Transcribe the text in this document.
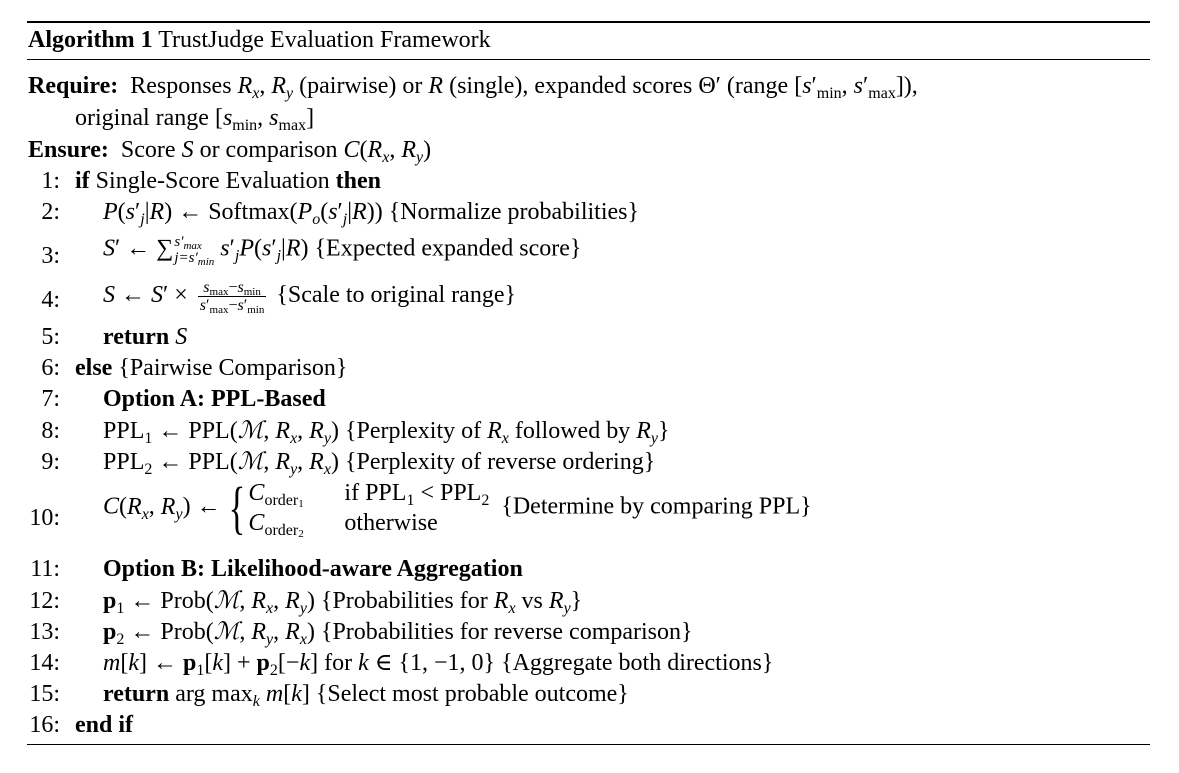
Algorithm 1 TrustJudge Evaluation Framework
Require:  Responses $R_x$, $R_y$ (pairwise) or R (single), expanded scores Θ′ (range [$s'_{min}$, $s'_{max}$]),
original range [$s_{min}$, $s_{max}$]
Ensure:  Score S or comparison $C(R_x$, $R_y$)
1: if Single-Score Evaluation then
2: $P(s'_j|R)$ ← $Softmax(P_o(s'_j|R))$ {Normalize probabilities}
3: S′ ← ∑ $s'_{max}$
$j=s'_{min}$
$s'_jP(s'_j|R)$ {Expected expanded score}
4: S ← $S' \times \frac{s_{max}-s_{min}}{s'_{max}-s'_{min}}$ {Scale to original range}
5: return S
6: else {Pairwise Comparison}
7: Option A: PPL-Based
8: $PPL_1$ ← PPL(ℳ, $R_x$, $R_y$) {Perplexity of $R_x$ followed by $R_y$}
9: $PPL_2$ ← PPL(ℳ, $R_y$, $R_x$) {Perplexity of reverse ordering}
10: $C(R_x$, $R_y$) ← { $C_{order_1}$ if $PPL_1 < PPL_2$
$C_{order_2}$ otherwise
{Determine by comparing PPL}
11: Option B: Likelihood-aware Aggregation
12: $p_1$ ← Prob(ℳ, $R_x$, $R_y$) {Probabilities for $R_x$ vs $R_y$}
13: $p_2$ ← Prob(ℳ, $R_y$, $R_x$) {Probabilities for reverse comparison}
14: m[k] ← $p_1[k] + p_2[-k]$ for k ∈ {1, −1, 0} {Aggregate both directions}
15: return arg $\max_k m[k]$ {Select most probable outcome}
16: end if
